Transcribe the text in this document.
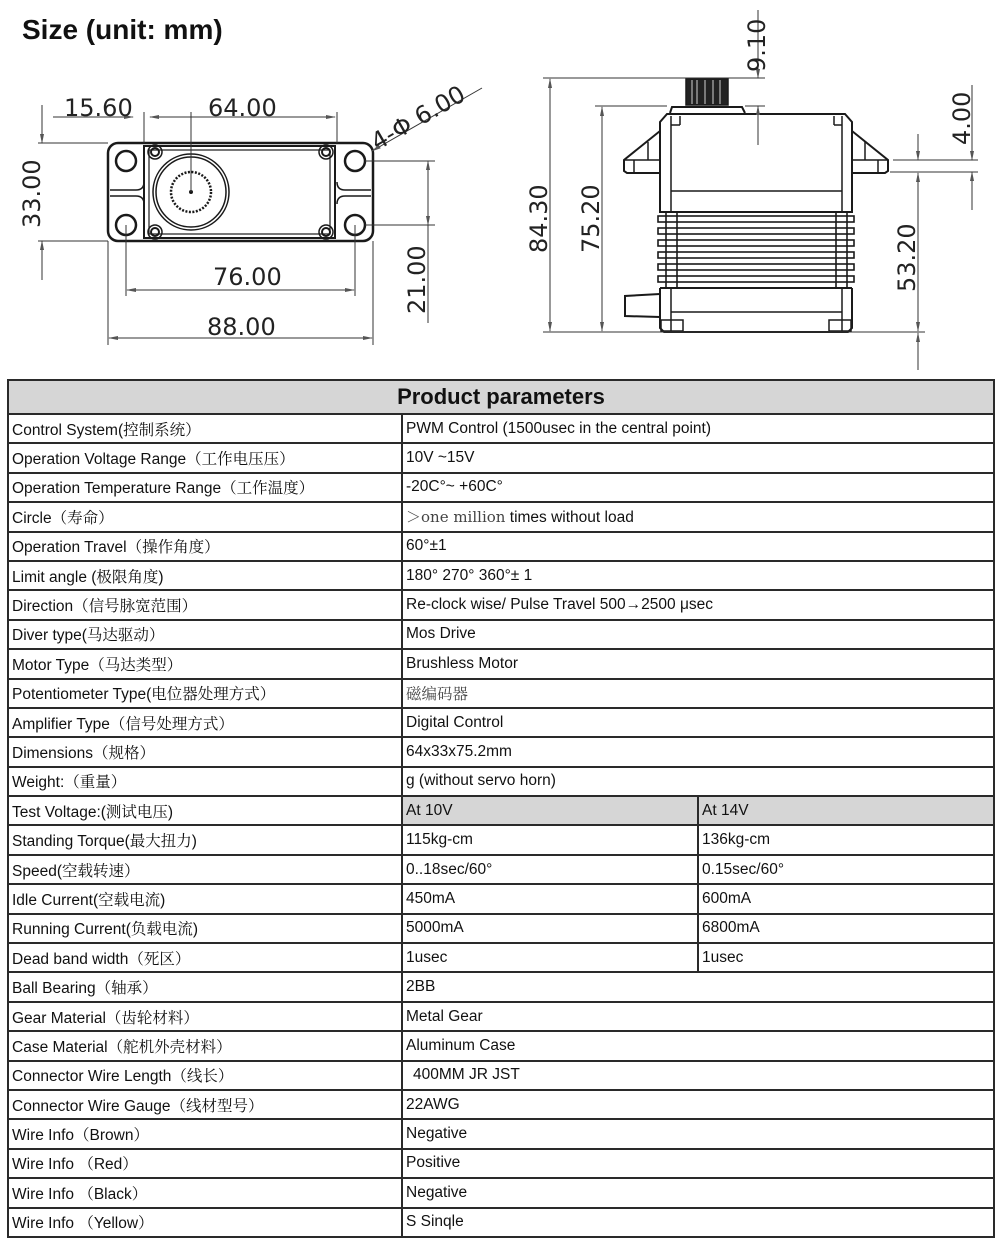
Size (unit: mm)
15.60	64.00	4-Φ 6.00
33.00
76.00
88.00
21.00
9.10
84.30 75.20
4.00
53.20
Product parameters		
Control System(控制系统）	PWM Control (1500usec in the central point)	
Operation Voltage Range（工作电压压）	10V ~15V	
Operation Temperature Range（工作温度）	-20C°~ +60C°	
Circle（寿命）	＞one million times without load	
Operation Travel（操作角度）	60°±1	
Limit angle (极限角度)	180° 270° 360°± 1	
Direction（信号脉宽范围）	Re-clock wise/ Pulse Travel 500→2500 μsec	
Diver type(马达驱动）	Mos Drive	
Motor Type（马达类型）	Brushless Motor	
Potentiometer Type(电位器处理方式）	磁编码器	
Amplifier Type（信号处理方式）	Digital Control	
Dimensions（规格）	64x33x75.2mm	
Weight:（重量）	g (without servo horn)	
Test Voltage:(测试电压)	At 10V	At 14V
Standing Torque(最大扭力)	115kg-cm	136kg-cm
Speed(空载转速）	0..18sec/60°	0.15sec/60°
Idle Current(空载电流)	450mA	600mA
Running Current(负载电流)	5000mA	6800mA
Dead band width（死区）	1usec	1usec
Ball Bearing（轴承）	2BB	
Gear Material（齿轮材料）	Metal Gear	
Case Material（舵机外壳材料）	Aluminum Case	
Connector Wire Length（线长）	400MM JR JST	
Connector Wire Gauge（线材型号）	22AWG	
Wire Info（Brown）	Negative	
Wire Info （Red）	Positive	
Wire Info （Black）	Negative	
Wire Info （Yellow）	S Sinqle	
